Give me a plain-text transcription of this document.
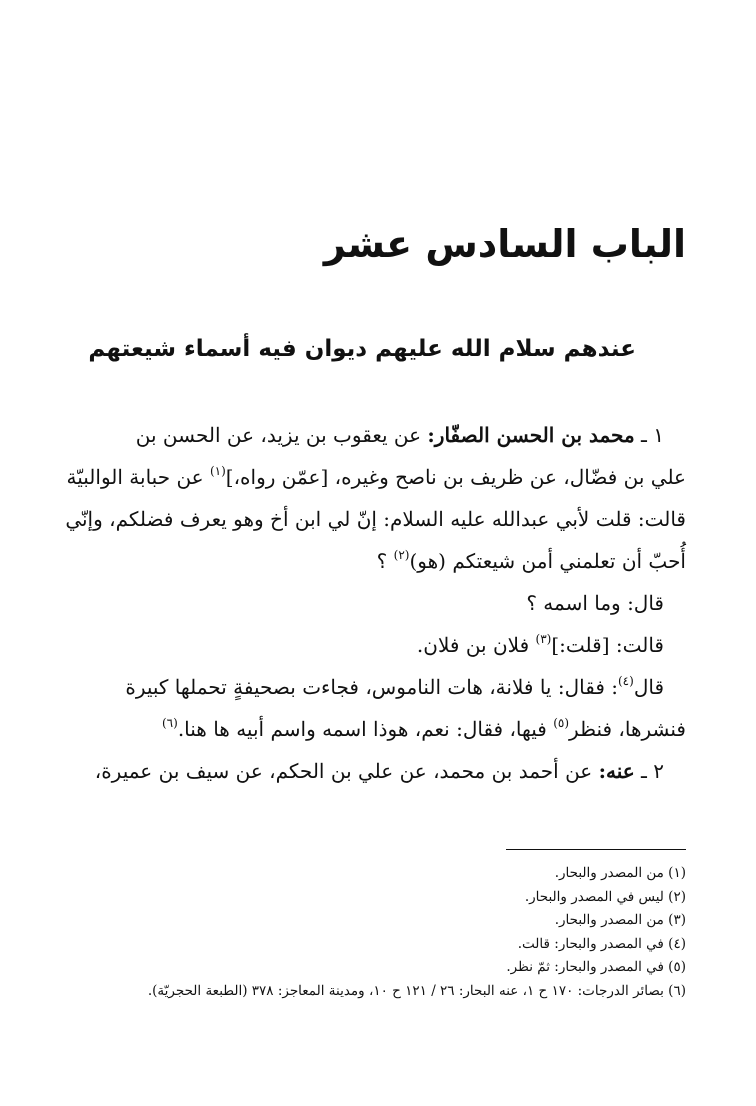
الباب السادس عشر
عندهم سلام الله عليهم ديوان فيه أسماء شيعتهم
١ ـ محمد بن الحسن الصفّار: عن يعقوب بن يزيد، عن الحسن بن
علي بن فضّال، عن ظريف بن ناصح وغيره، [عمّن رواه،]$^{(١)}$ عن حبابة الوالبيّة
قالت: قلت لأبي عبدالله عليه السلام: إنّ لي ابن أخ وهو يعرف فضلكم، وإنّي
أُحبّ أن تعلمني أمن شيعتكم (هو)$^{(٢)}$ ؟
قال: وما اسمه ؟
قالت: [قلت:]$^{(٣)}$ فلان بن فلان.
قال$^{(٤)}$: فقال: يا فلانة، هات الناموس، فجاءت بصحيفةٍ تحملها كبيرة
فنشرها، فنظر$^{(٥)}$ فيها، فقال: نعم، هوذا اسمه واسم أبيه ها هنا.$^{(٦)}$
٢ ـ عنه: عن أحمد بن محمد، عن علي بن الحكم، عن سيف بن عميرة،
(١) من المصدر والبحار.
(٢) ليس في المصدر والبحار.
(٣) من المصدر والبحار.
(٤) في المصدر والبحار: قالت.
(٥) في المصدر والبحار: ثمّ نظر.
(٦) بصائر الدرجات: ١٧٠ ح ١، عنه البحار: ٢٦ / ١٢١ ح ١٠، ومدينة المعاجز: ٣٧٨ (الطبعة الحجريّة).
